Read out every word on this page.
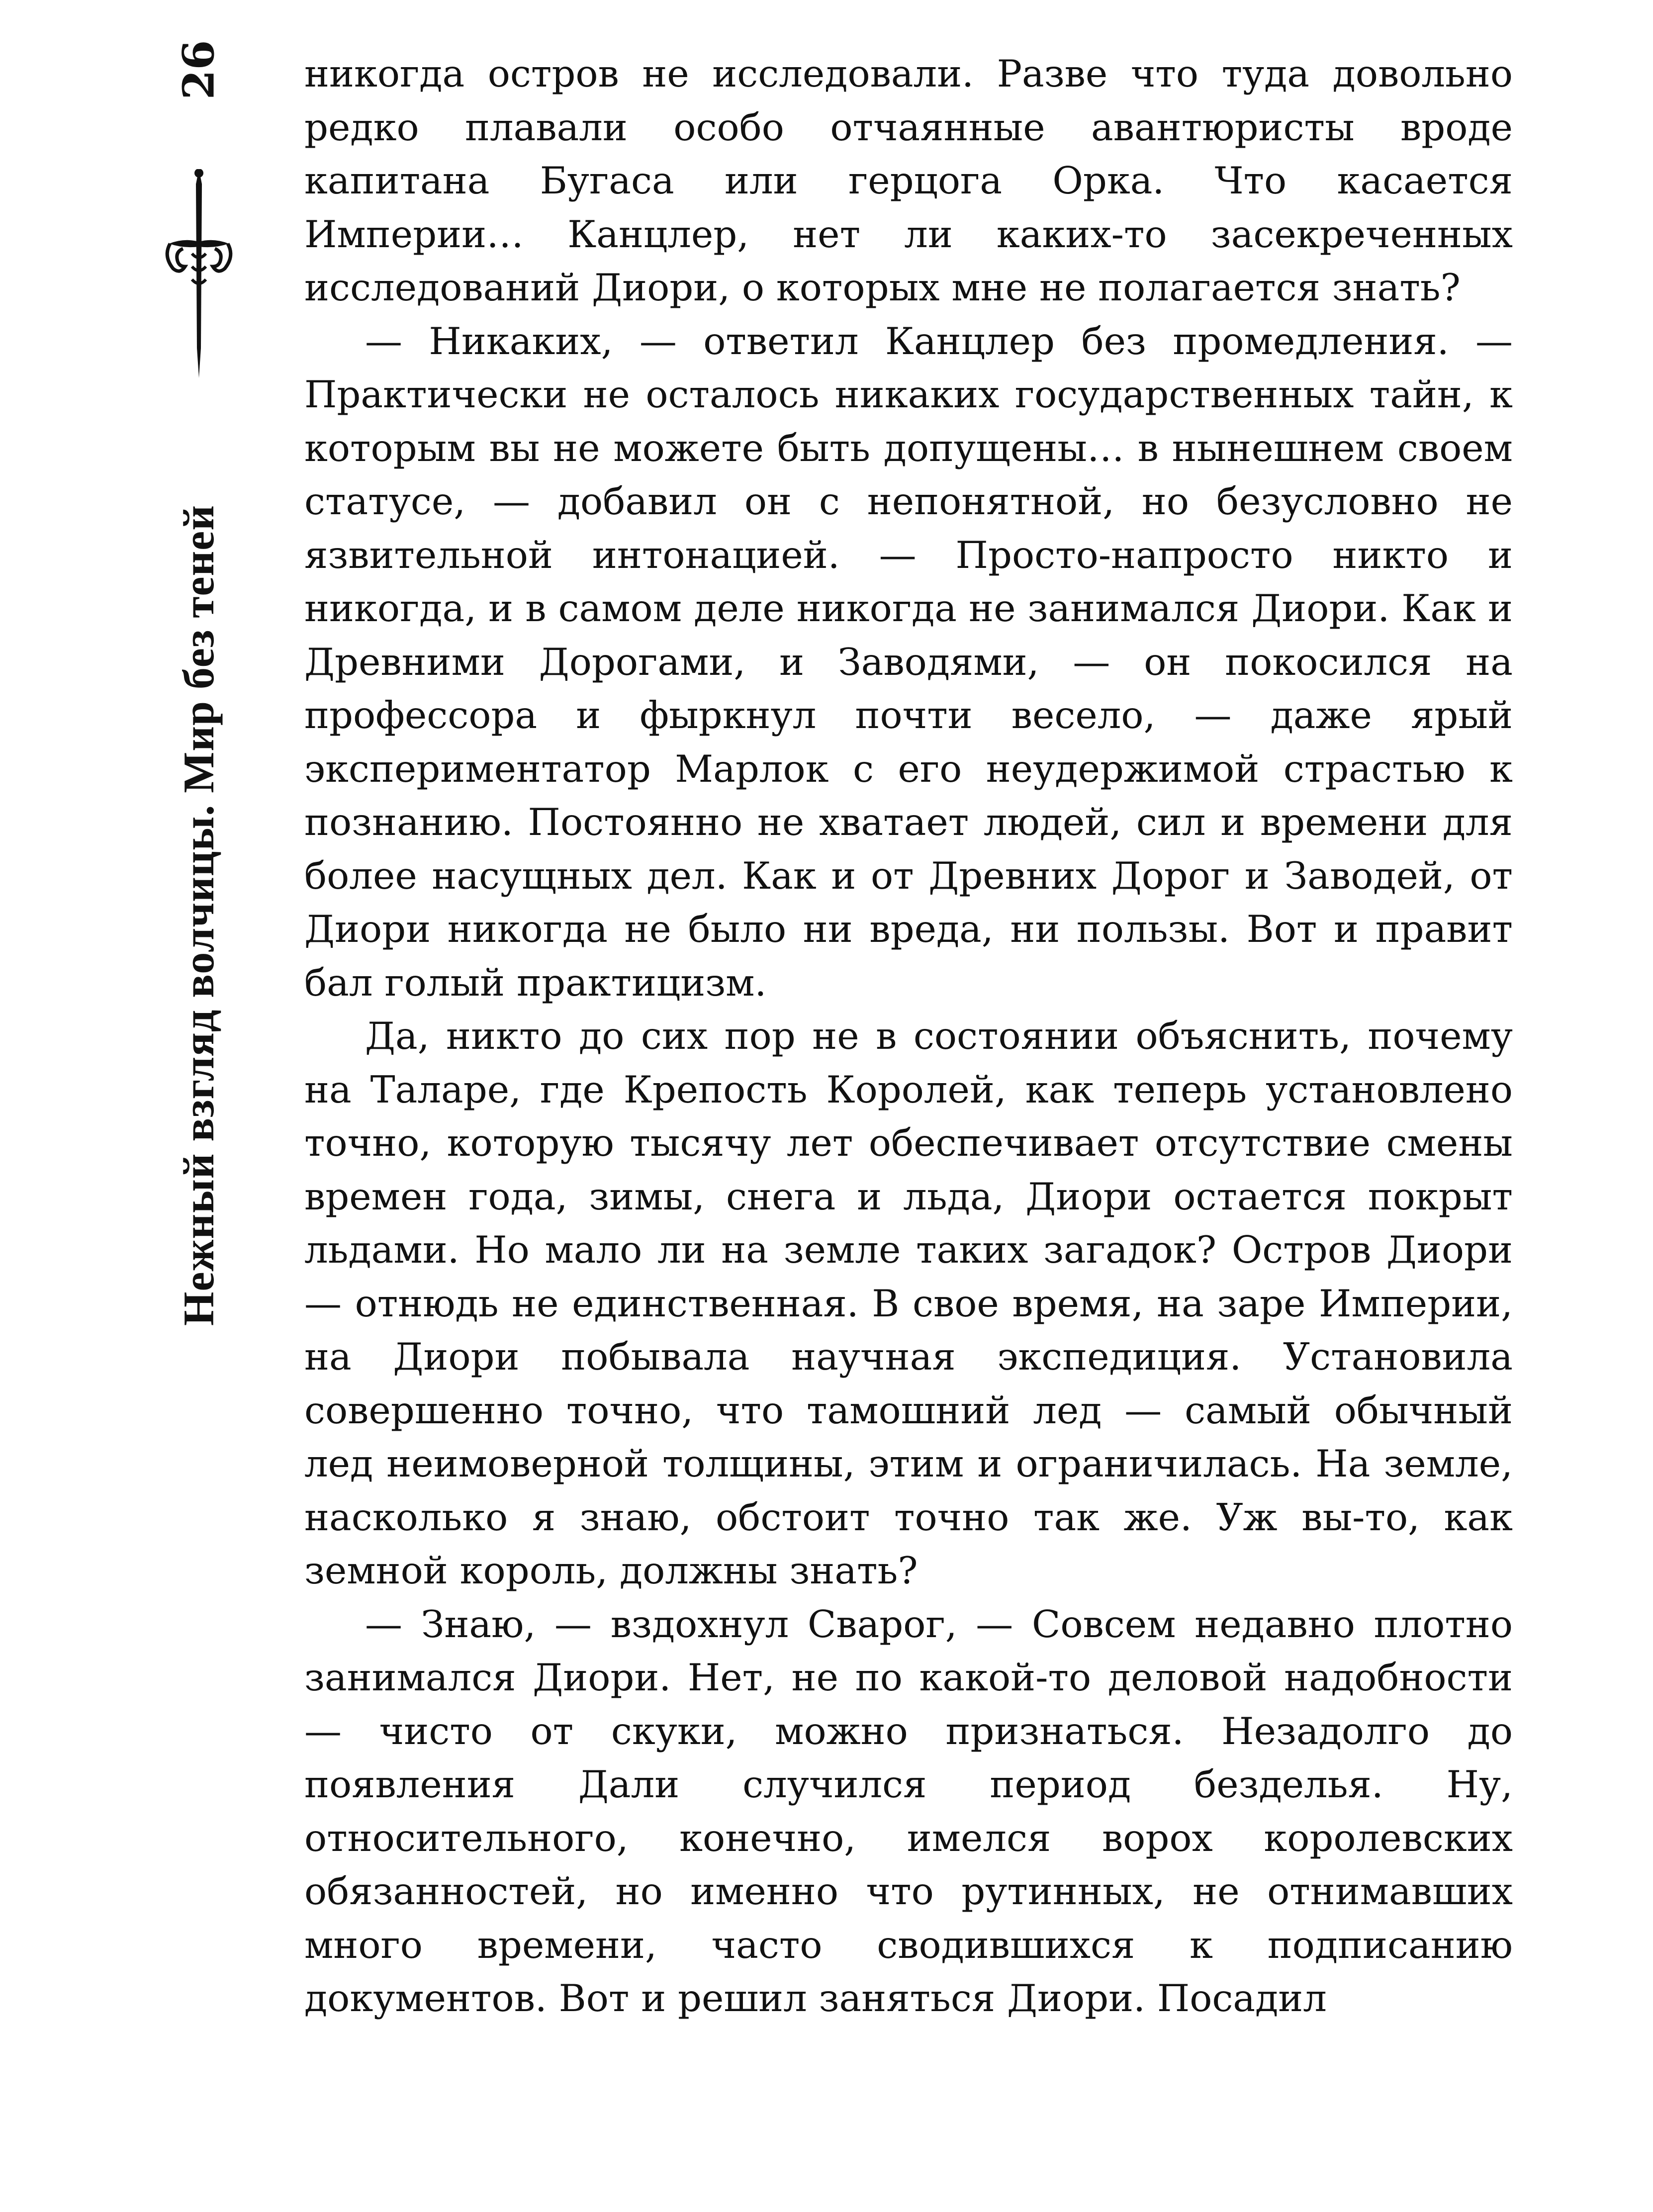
26
Нежный взгляд волчицы. Мир без теней

никогда остров не исследовали. Разве что туда довольно редко плавали особо отчаянные авантюристы вроде капитана Бугаса или герцога Орка. Что касается Империи… Канцлер, нет ли каких-то засекреченных исследований Диори, о которых мне не полагается знать?

— Никаких, — ответил Канцлер без промедления. — Практически не осталось никаких государственных тайн, к которым вы не можете быть допущены… в нынешнем своем статусе, — добавил он с непонятной, но безусловно не язвительной интонацией. — Просто-напросто никто и никогда, и в самом деле никогда не занимался Диори. Как и Древними Дорогами, и Заводями, — он покосился на профессора и фыркнул почти весело, — даже ярый экспериментатор Марлок с его неудержимой страстью к познанию. Постоянно не хватает людей, сил и времени для более насущных дел. Как и от Древних Дорог и Заводей, от Диори никогда не было ни вреда, ни пользы. Вот и правит бал голый практицизм.

Да, никто до сих пор не в состоянии объяснить, почему на Таларе, где Крепость Королей, как теперь установлено точно, которую тысячу лет обеспечивает отсутствие смены времен года, зимы, снега и льда, Диори остается покрыт льдами. Но мало ли на земле таких загадок? Остров Диори — отнюдь не единственная. В свое время, на заре Империи, на Диори побывала научная экспедиция. Установила совершенно точно, что тамошний лед — самый обычный лед неимоверной толщины, этим и ограничилась. На земле, насколько я знаю, обстоит точно так же. Уж вы-то, как земной король, должны знать?

— Знаю, — вздохнул Сварог, — Совсем недавно плотно занимался Диори. Нет, не по какой-то деловой надобности — чисто от скуки, можно признаться. Незадолго до появления Дали случился период безделья. Ну, относительного, конечно, имелся ворох королевских обязанностей, но именно что рутинных, не отнимавших много времени, часто сводившихся к подписанию документов. Вот и решил заняться Диори. Посадил
